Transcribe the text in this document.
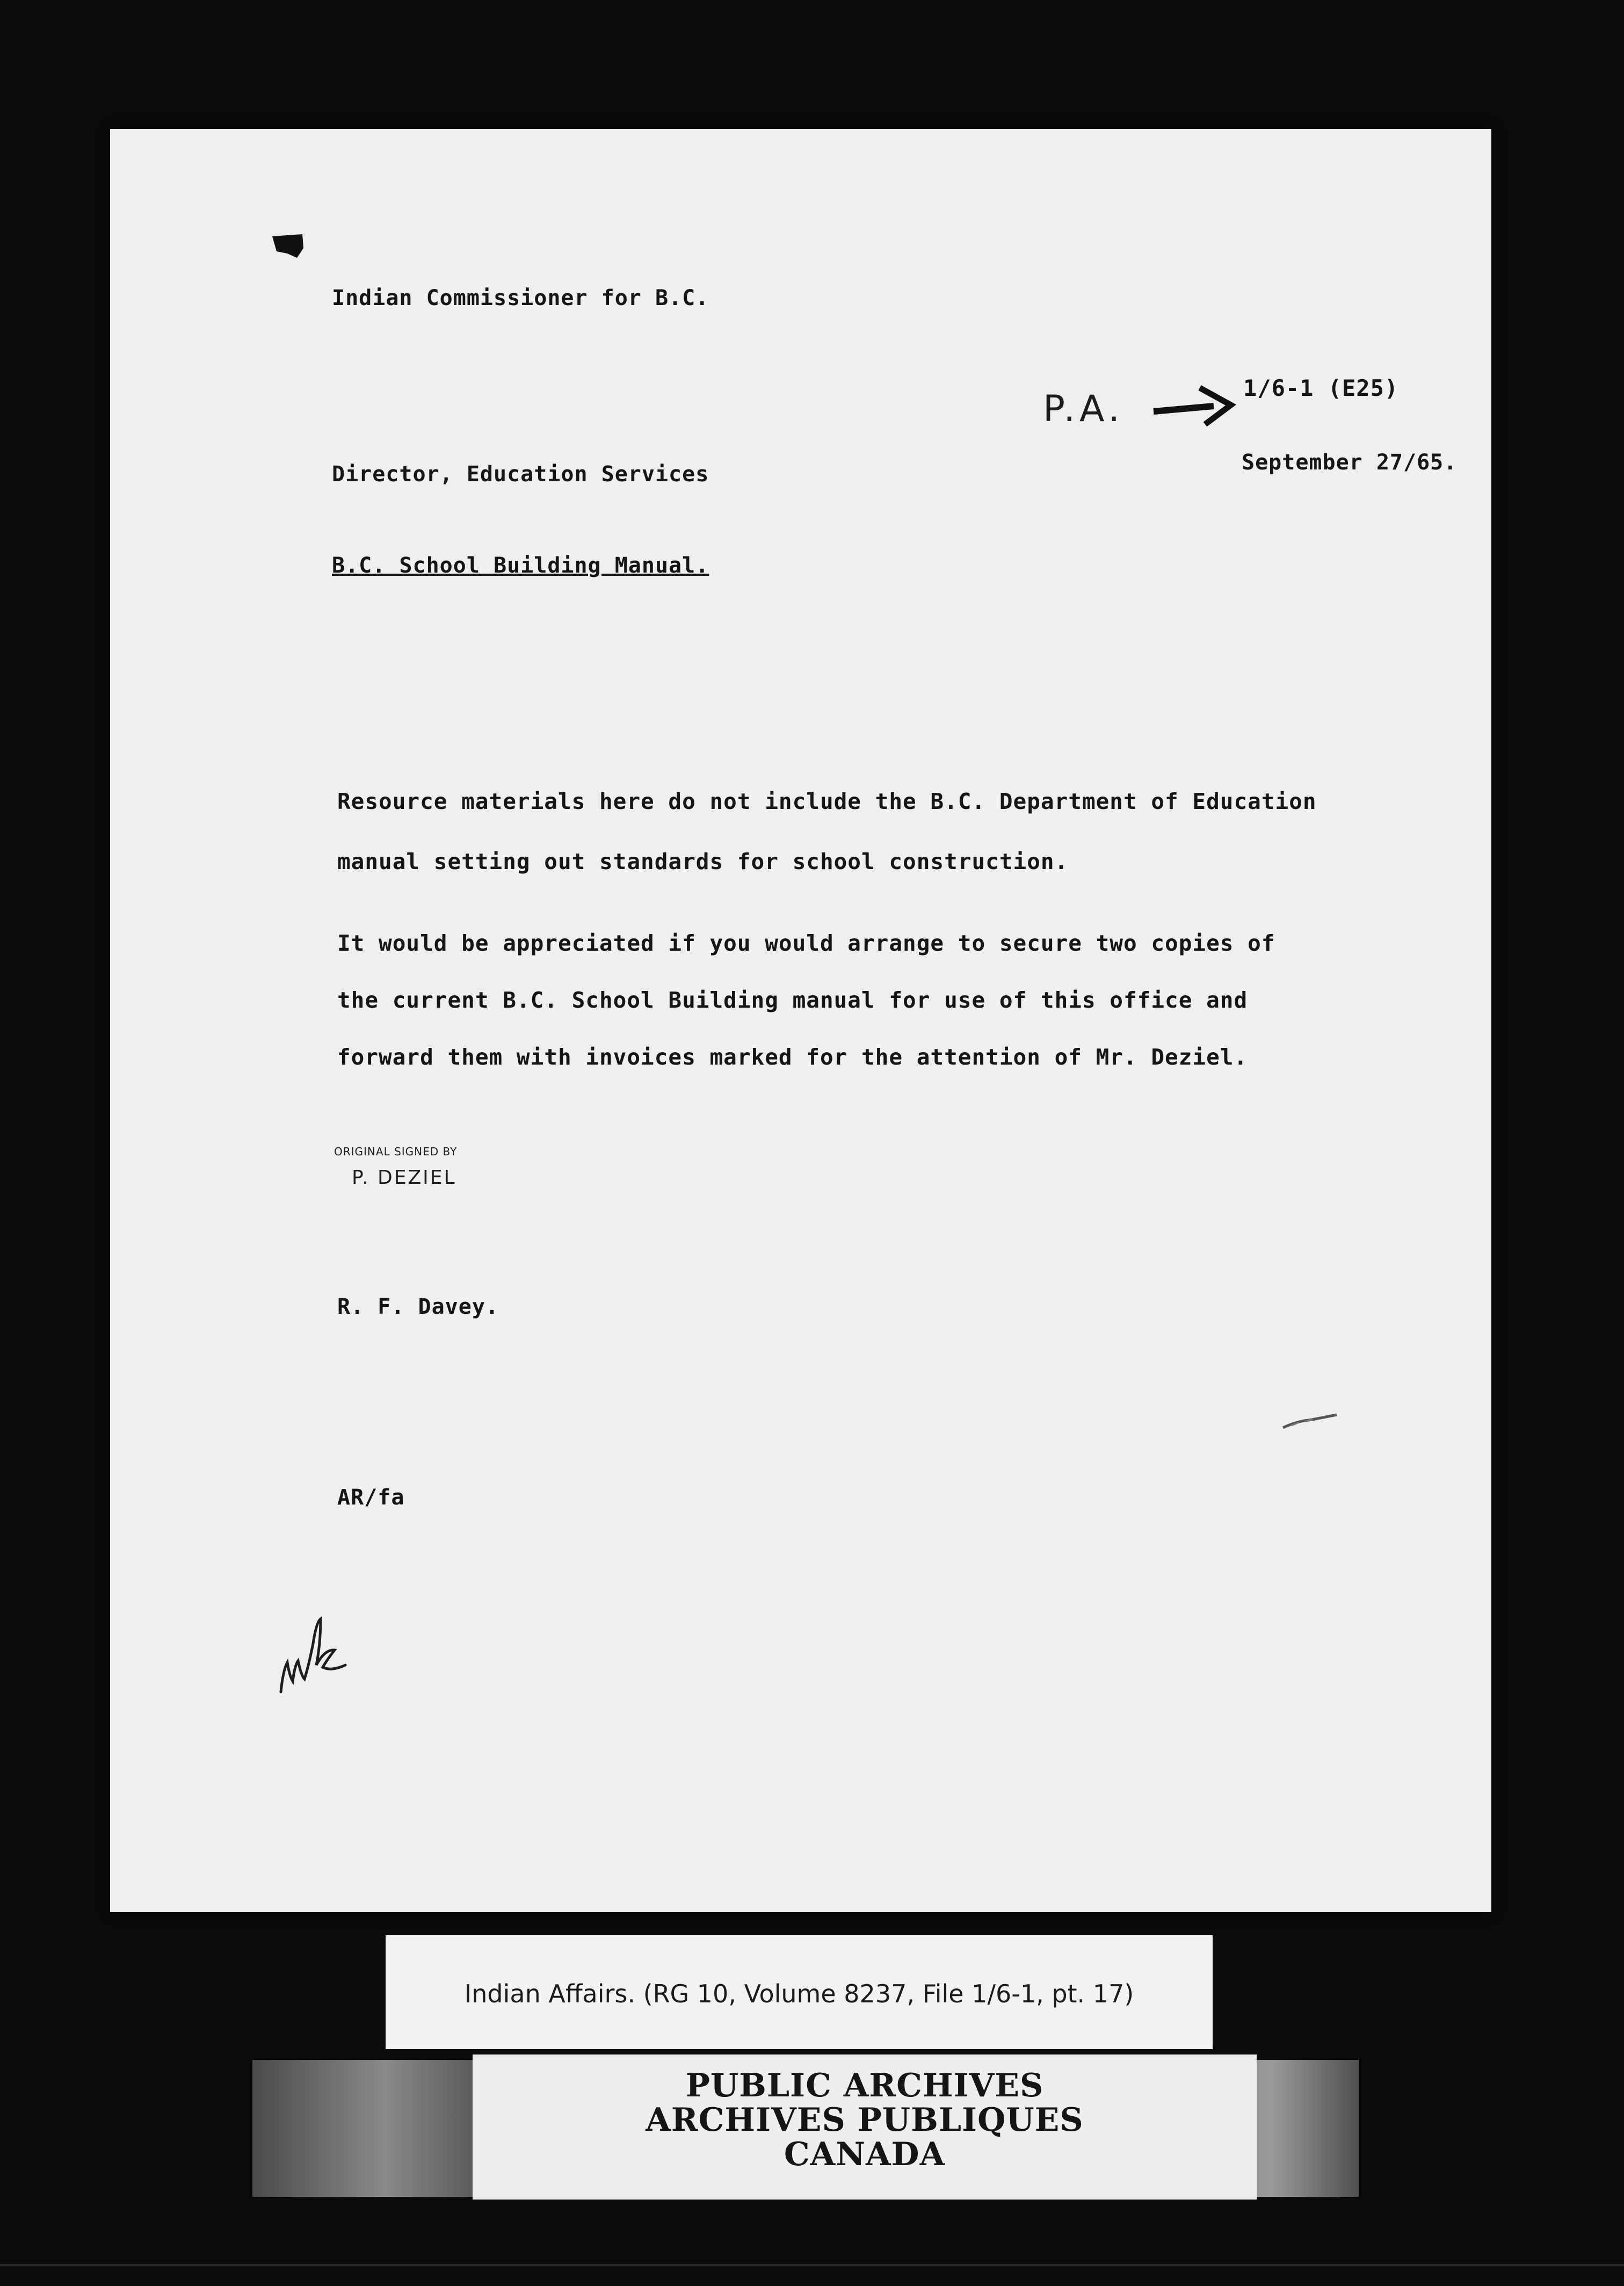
Indian Commissioner for B.C.
P.A.	1/6-1 (E25)
Director, Education Services	September 27/65.
B.C. School Building Manual.
Resource materials here do not include the B.C. Department of Education
manual setting out standards for school construction.
It would be appreciated if you would arrange to secure two copies of
the current B.C. School Building manual for use of this office and
forward them with invoices marked for the attention of Mr. Deziel.
ORIGINAL SIGNED BY
P. DEZIEL
R. F. Davey.
AR/fa
Indian Affairs. (RG 10, Volume 8237, File 1/6-1, pt. 17)
PUBLIC ARCHIVES
ARCHIVES PUBLIQUES
CANADA
